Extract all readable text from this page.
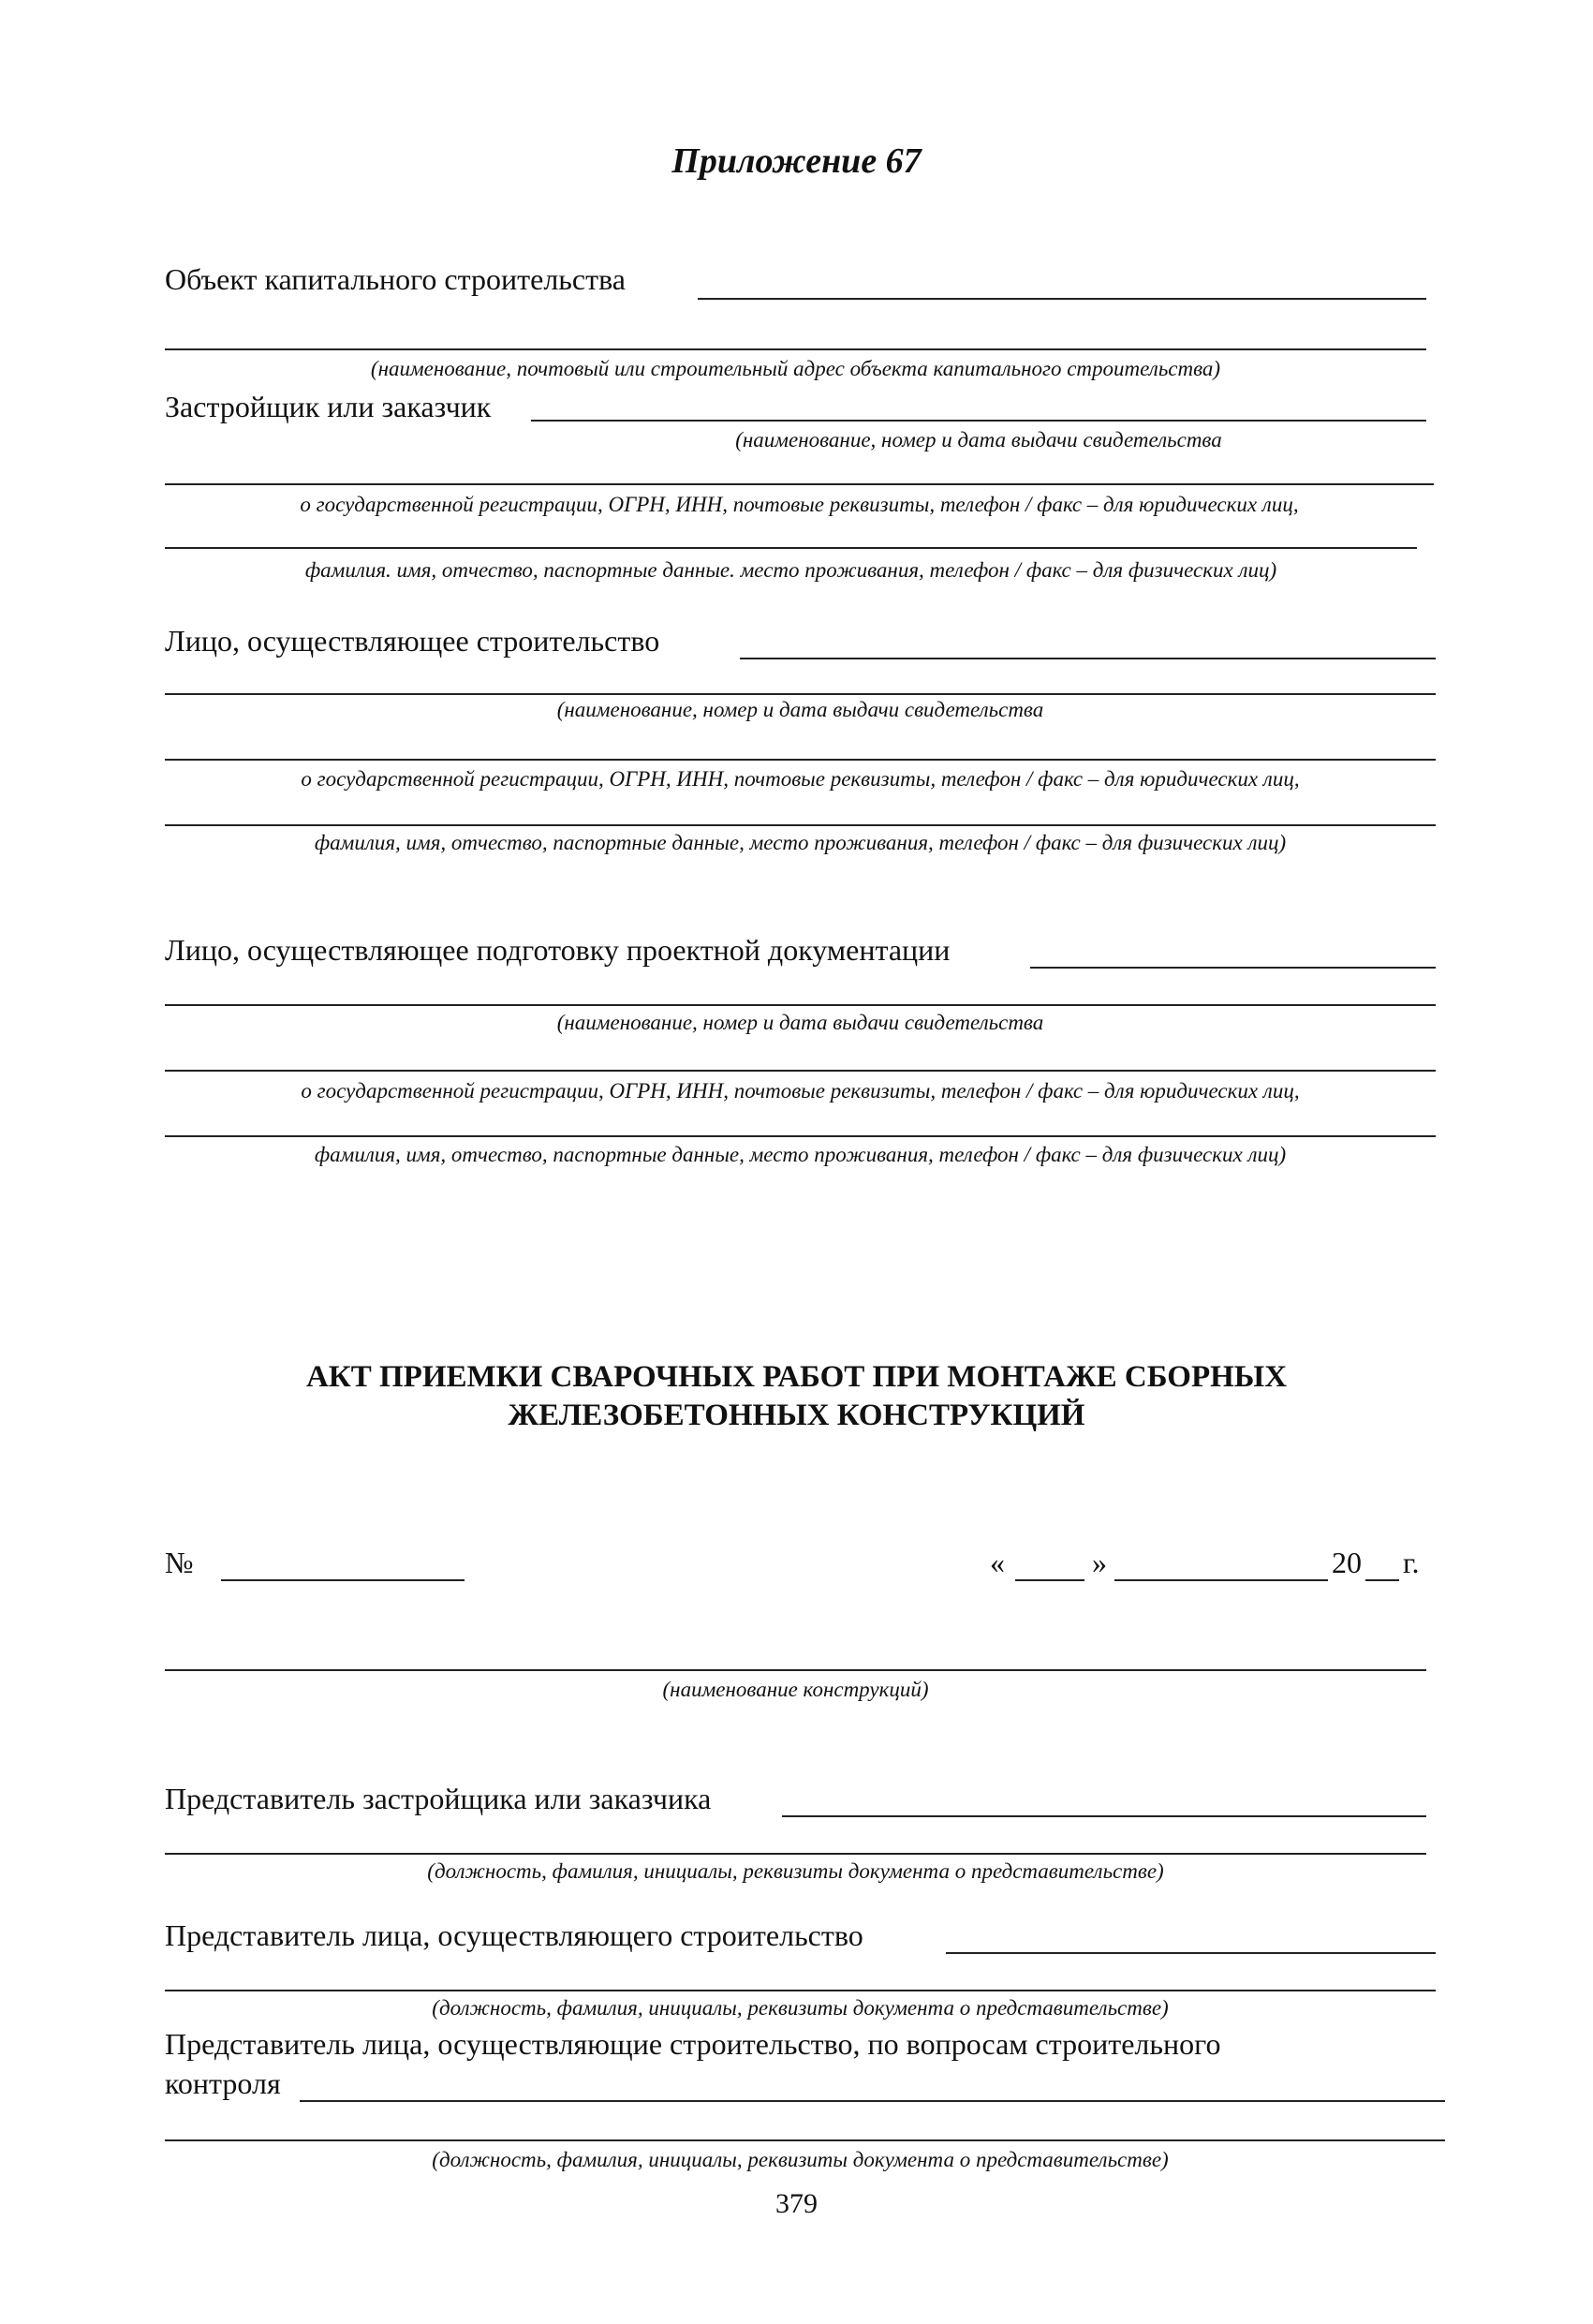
Приложение 67
Объект капитального строительства
(наименование, почтовый или строительный адрес объекта капитального строительства)
Застройщик или заказчик
(наименование, номер и дата выдачи свидетельства
о государственной регистрации, ОГРН, ИНН, почтовые реквизиты, телефон / факс – для юридических лиц,
фамилия. имя, отчество, паспортные данные. место проживания, телефон / факс – для физических лиц)
Лицо, осуществляющее строительство
(наименование, номер и дата выдачи свидетельства
о государственной регистрации, ОГРН, ИНН, почтовые реквизиты, телефон / факс – для юридических лиц,
фамилия, имя, отчество, паспортные данные, место проживания, телефон / факс – для физических лиц)
Лицо, осуществляющее подготовку проектной документации
(наименование, номер и дата выдачи свидетельства
о государственной регистрации, ОГРН, ИНН, почтовые реквизиты, телефон / факс – для юридических лиц,
фамилия, имя, отчество, паспортные данные, место проживания, телефон / факс – для физических лиц)
АКТ ПРИЕМКИ СВАРОЧНЫХ РАБОТ ПРИ МОНТАЖЕ СБОРНЫХ
ЖЕЛЕЗОБЕТОННЫХ КОНСТРУКЦИЙ
№	«	»	20 г.
(наименование конструкций)
Представитель застройщика или заказчика
(должность, фамилия, инициалы, реквизиты документа о представительстве)
Представитель лица, осуществляющего строительство
(должность, фамилия, инициалы, реквизиты документа о представительстве)
Представитель лица, осуществляющие строительство, по вопросам строительного
контроля
(должность, фамилия, инициалы, реквизиты документа о представительстве)
379
